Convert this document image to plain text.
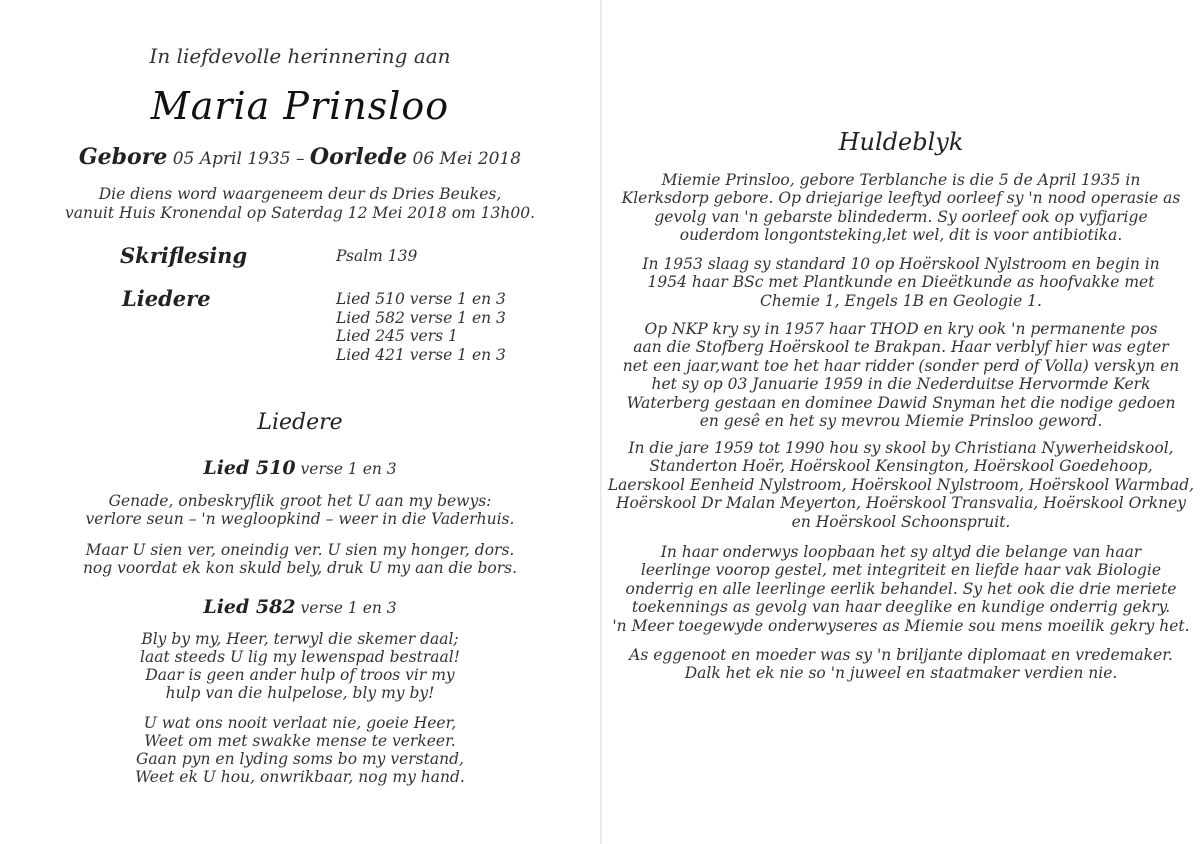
In liefdevolle herinnering aan
Maria Prinsloo
Gebore 05 April 1935 – Oorlede 06 Mei 2018
Die diens word waargeneem deur ds Dries Beukes,
vanuit Huis Kronendal op Saterdag 12 Mei 2018 om 13h00.
Skriflesing	Psalm 139
Liedere	Lied 510 verse 1 en 3
Lied 582 verse 1 en 3
Lied 245 vers 1
Lied 421 verse 1 en 3
Liedere
Lied 510 verse 1 en 3
Genade, onbeskryflik groot het U aan my bewys:
verlore seun – 'n wegloopkind – weer in die Vaderhuis.
Maar U sien ver, oneindig ver. U sien my honger, dors.
nog voordat ek kon skuld bely, druk U my aan die bors.
Lied 582 verse 1 en 3
Bly by my, Heer, terwyl die skemer daal;
laat steeds U lig my lewenspad bestraal!
Daar is geen ander hulp of troos vir my
hulp van die hulpelose, bly my by!
U wat ons nooit verlaat nie, goeie Heer,
Weet om met swakke mense te verkeer.
Gaan pyn en lyding soms bo my verstand,
Weet ek U hou, onwrikbaar, nog my hand.
Huldeblyk
Miemie Prinsloo, gebore Terblanche is die 5 de April 1935 in
Klerksdorp gebore. Op driejarige leeftyd oorleef sy 'n nood operasie as
gevolg van 'n gebarste blindederm. Sy oorleef ook op vyfjarige
ouderdom longontsteking,let wel, dit is voor antibiotika.
In 1953 slaag sy standard 10 op Hoërskool Nylstroom en begin in
1954 haar BSc met Plantkunde en Dieëtkunde as hoofvakke met
Chemie 1, Engels 1B en Geologie 1.
Op NKP kry sy in 1957 haar THOD en kry ook 'n permanente pos
aan die Stofberg Hoërskool te Brakpan. Haar verblyf hier was egter
net een jaar,want toe het haar ridder (sonder perd of Volla) verskyn en
het sy op 03 Januarie 1959 in die Nederduitse Hervormde Kerk
Waterberg gestaan en dominee Dawid Snyman het die nodige gedoen
en gesê en het sy mevrou Miemie Prinsloo geword.
In die jare 1959 tot 1990 hou sy skool by Christiana Nywerheidskool,
Standerton Hoër, Hoërskool Kensington, Hoërskool Goedehoop,
Laerskool Eenheid Nylstroom, Hoërskool Nylstroom, Hoërskool Warmbad,
Hoërskool Dr Malan Meyerton, Hoërskool Transvalia, Hoërskool Orkney
en Hoërskool Schoonspruit.
In haar onderwys loopbaan het sy altyd die belange van haar
leerlinge voorop gestel, met integriteit en liefde haar vak Biologie
onderrig en alle leerlinge eerlik behandel. Sy het ook die drie meriete
toekennings as gevolg van haar deeglike en kundige onderrig gekry.
'n Meer toegewyde onderwyseres as Miemie sou mens moeilik gekry het.
As eggenoot en moeder was sy 'n briljante diplomaat en vredemaker.
Dalk het ek nie so 'n juweel en staatmaker verdien nie.
